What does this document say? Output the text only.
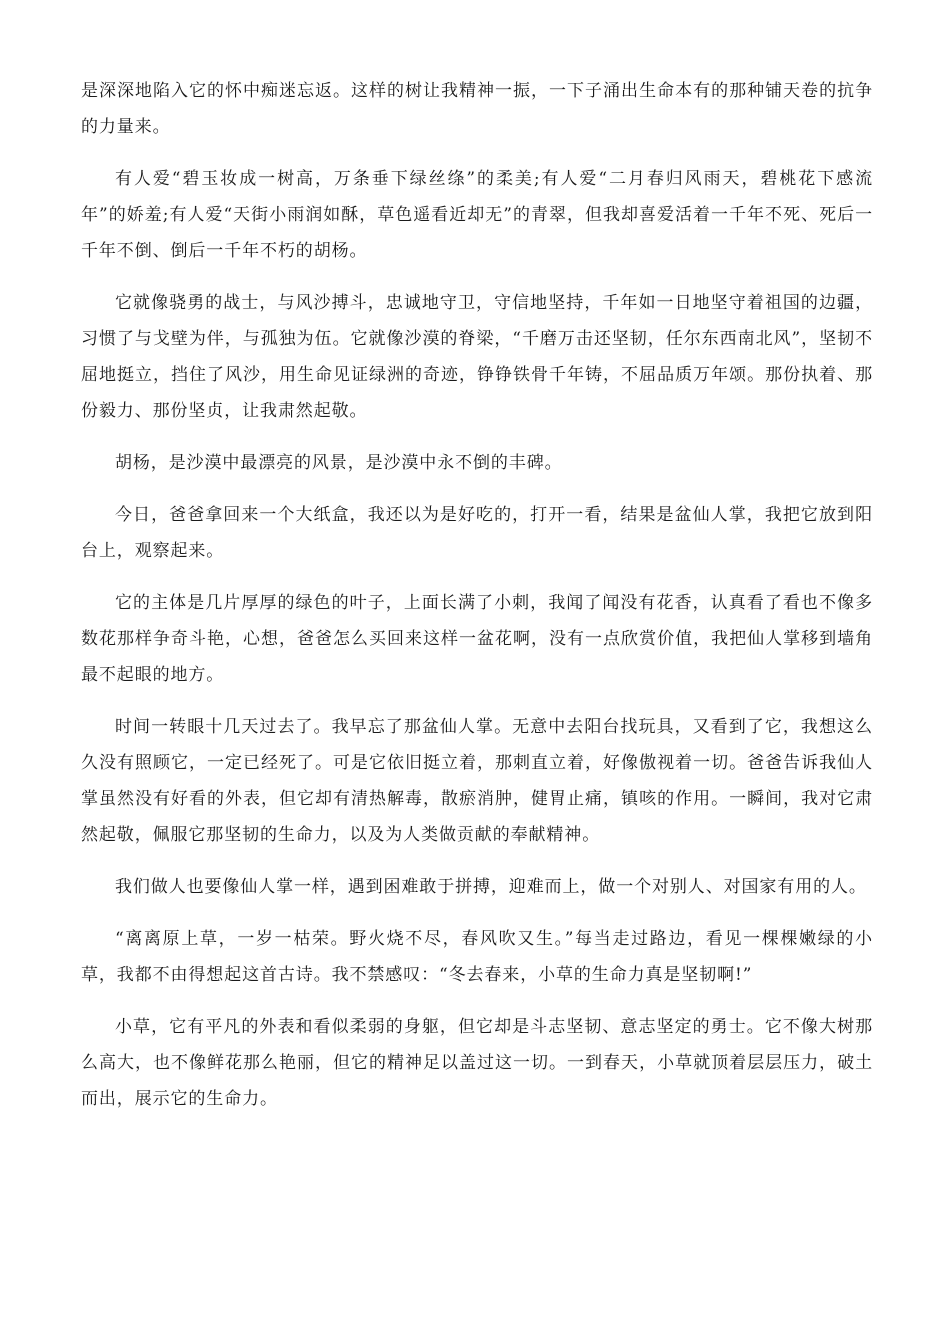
是深深地陷入它的怀中痴迷忘返。这样的树让我精神一振，一下子涌出生命本有的那种铺天卷的抗争的力量来。

有人爱“碧玉妆成一树高，万条垂下绿丝绦”的柔美;有人爱“二月春归风雨天，碧桃花下感流年”的娇羞;有人爱“天街小雨润如酥，草色遥看近却无”的青翠，但我却喜爱活着一千年不死、死后一千年不倒、倒后一千年不朽的胡杨。

它就像骁勇的战士，与风沙搏斗，忠诚地守卫，守信地坚持，千年如一日地坚守着祖国的边疆，习惯了与戈壁为伴，与孤独为伍。它就像沙漠的脊梁，“千磨万击还坚韧，任尔东西南北风”，坚韧不屈地挺立，挡住了风沙，用生命见证绿洲的奇迹，铮铮铁骨千年铸，不屈品质万年颂。那份执着、那份毅力、那份坚贞，让我肃然起敬。

胡杨，是沙漠中最漂亮的风景，是沙漠中永不倒的丰碑。

今日，爸爸拿回来一个大纸盒，我还以为是好吃的，打开一看，结果是盆仙人掌，我把它放到阳台上，观察起来。

它的主体是几片厚厚的绿色的叶子，上面长满了小刺，我闻了闻没有花香，认真看了看也不像多数花那样争奇斗艳，心想，爸爸怎么买回来这样一盆花啊，没有一点欣赏价值，我把仙人掌移到墙角最不起眼的地方。

时间一转眼十几天过去了。我早忘了那盆仙人掌。无意中去阳台找玩具，又看到了它，我想这么久没有照顾它，一定已经死了。可是它依旧挺立着，那刺直立着，好像傲视着一切。爸爸告诉我仙人掌虽然没有好看的外表，但它却有清热解毒，散瘀消肿，健胃止痛，镇咳的作用。一瞬间，我对它肃然起敬，佩服它那坚韧的生命力，以及为人类做贡献的奉献精神。

我们做人也要像仙人掌一样，遇到困难敢于拼搏，迎难而上，做一个对别人、对国家有用的人。

“离离原上草，一岁一枯荣。野火烧不尽，春风吹又生。”每当走过路边，看见一棵棵嫩绿的小草，我都不由得想起这首古诗。我不禁感叹：“冬去春来，小草的生命力真是坚韧啊!”

小草，它有平凡的外表和看似柔弱的身躯，但它却是斗志坚韧、意志坚定的勇士。它不像大树那么高大，也不像鲜花那么艳丽，但它的精神足以盖过这一切。一到春天，小草就顶着层层压力，破土而出，展示它的生命力。
